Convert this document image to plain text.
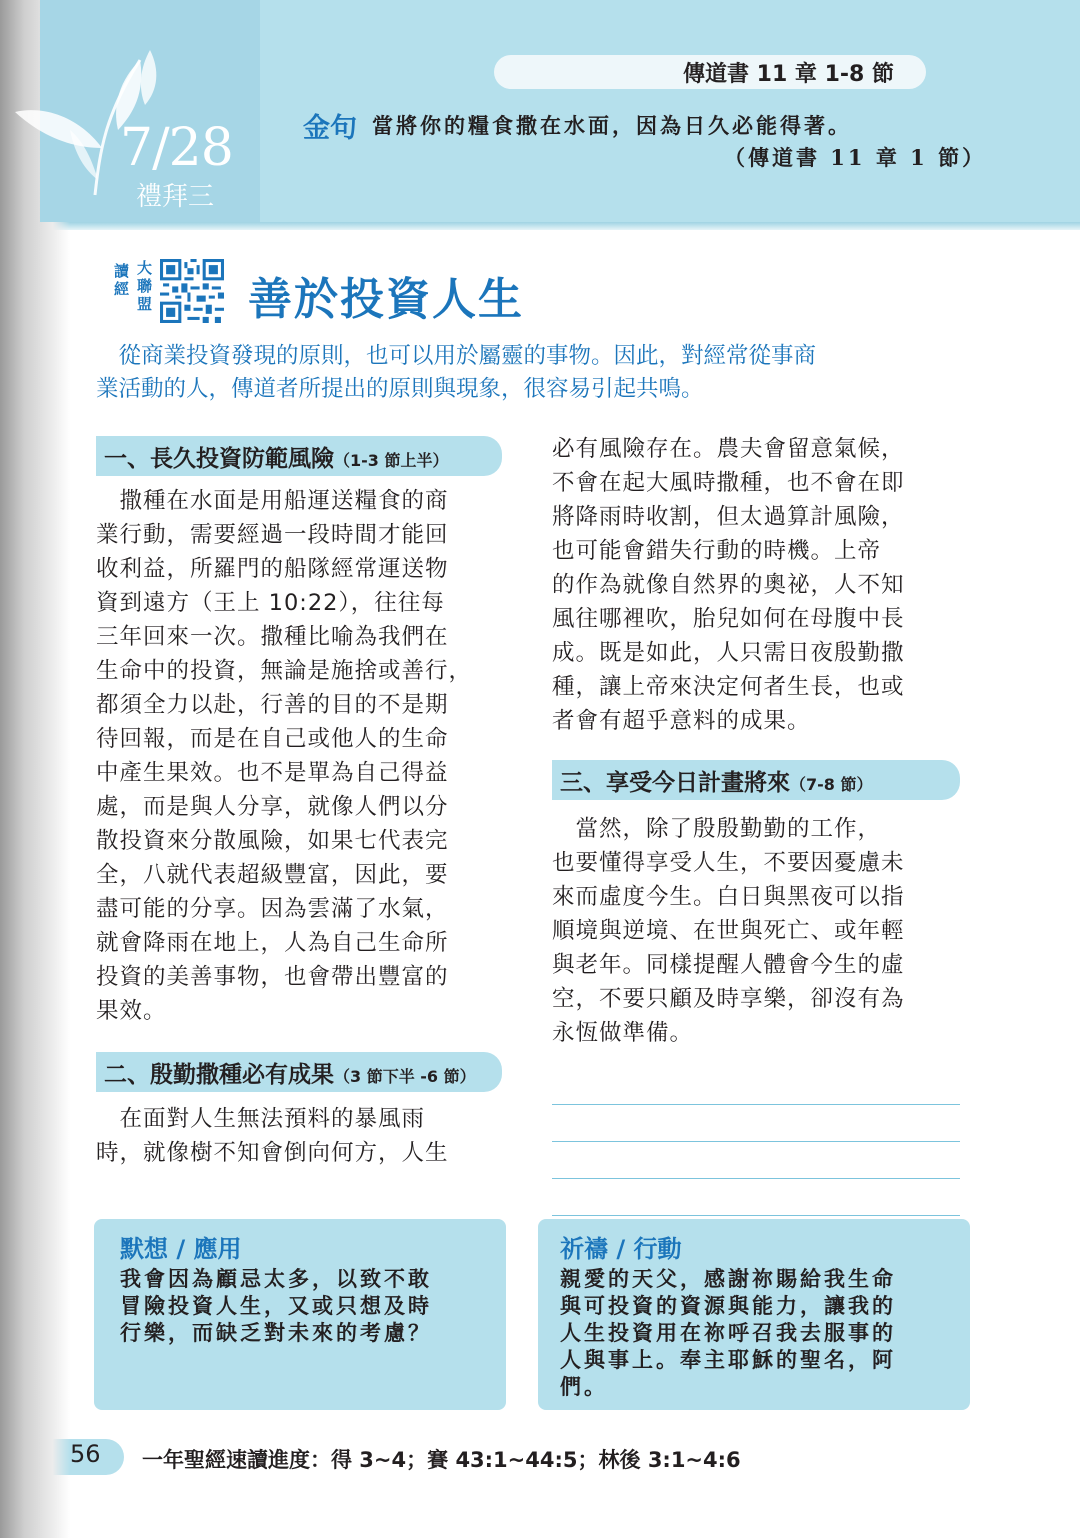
7/28
禮拜三
傳道書 11 章 1-8 節
金句 當將你的糧食撒在水面，因為日久必能得著。
（傳道書 11 章 1 節）
讀經
大聯盟 善於投資人生

　從商業投資發現的原則，也可以用於屬靈的事物。因此，對經常從事商

業活動的人，傳道者所提出的原則與現象，很容易引起共鳴。

一、長久投資防範風險（1-3 節上半）

　撒種在水面是用船運送糧食的商

業行動，需要經過一段時間才能回

收利益，所羅門的船隊經常運送物

資到遠方（王上 10:22），往往每

三年回來一次。撒種比喻為我們在

生命中的投資，無論是施捨或善行，

都須全力以赴，行善的目的不是期

待回報，而是在自己或他人的生命

中產生果效。也不是單為自己得益

處，而是與人分享，就像人們以分

散投資來分散風險，如果七代表完

全，八就代表超級豐富，因此，要

盡可能的分享。因為雲滿了水氣，

就會降雨在地上，人為自己生命所

投資的美善事物，也會帶出豐富的

果效。

二、殷勤撒種必有成果（3 節下半 -6 節）

　在面對人生無法預料的暴風雨

時，就像樹不知會倒向何方，人生

必有風險存在。農夫會留意氣候，

不會在起大風時撒種，也不會在即

將降雨時收割，但太過算計風險，

也可能會錯失行動的時機。上帝

的作為就像自然界的奧祕，人不知

風往哪裡吹，胎兒如何在母腹中長

成。既是如此，人只需日夜殷勤撒

種，讓上帝來決定何者生長，也或

者會有超乎意料的成果。

三、享受今日計畫將來（7-8 節）

　當然，除了殷殷勤勤的工作，

也要懂得享受人生，不要因憂慮未

來而虛度今生。白日與黑夜可以指

順境與逆境、在世與死亡、或年輕

與老年。同樣提醒人體會今生的虛

空，不要只顧及時享樂，卻沒有為

永恆做準備。

默想 / 應用

我會因為顧忌太多，以致不敢

冒險投資人生，又或只想及時

行樂，而缺乏對未來的考慮？

祈禱 / 行動

親愛的天父，感謝祢賜給我生命

與可投資的資源與能力，讓我的

人生投資用在祢呼召我去服事的

人與事上。奉主耶穌的聖名，阿

們。

56 一年聖經速讀進度：得 3~4；賽 43:1~44:5；林後 3:1~4:6
